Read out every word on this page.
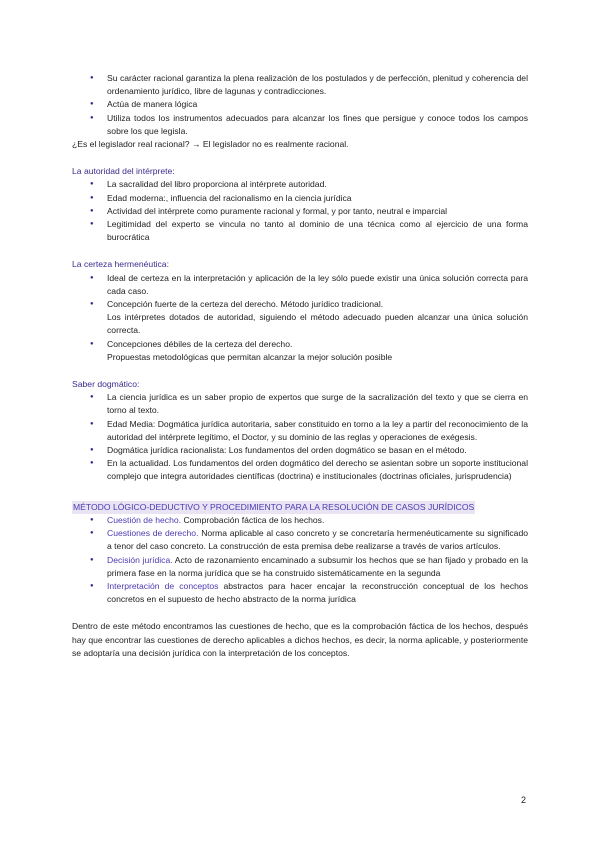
● Su carácter racional garantiza la plena realización de los postulados y de perfección, plenitud y coherencia del ordenamiento jurídico, libre de lagunas y contradicciones.
● Actúa de manera lógica
● Utiliza todos los instrumentos adecuados para alcanzar los fines que persigue y conoce todos los campos sobre los que legisla.

¿Es el legislador real racional? → El legislador no es realmente racional.

La autoridad del intérprete:
● La sacralidad del libro proporciona al intérprete autoridad.
● Edad moderna:, influencia del racionalismo en la ciencia jurídica
● Actividad del intérprete como puramente racional y formal, y por tanto, neutral e imparcial
● Legitimidad del experto se vincula no tanto al dominio de una técnica como al ejercicio de una forma burocrática
La certeza hermenéutica:
● Ideal de certeza en la interpretación y aplicación de la ley sólo puede existir una única solución correcta para cada caso.
● Concepción fuerte de la certeza del derecho. Método jurídico tradicional.
Los intérpretes dotados de autoridad, siguiendo el método adecuado pueden alcanzar una única solución correcta.
● Concepciones débiles de la certeza del derecho.
Propuestas metodológicas que permitan alcanzar la mejor solución posible
Saber dogmático:
● La ciencia jurídica es un saber propio de expertos que surge de la sacralización del texto y que se cierra en torno al texto.
● Edad Media: Dogmática jurídica autoritaria, saber constituido en torno a la ley a partir del reconocimiento de la autoridad del intérprete legítimo, el Doctor, y su dominio de las reglas y operaciones de exégesis.
● Dogmática jurídica racionalista: Los fundamentos del orden dogmático se basan en el método.
● En la actualidad. Los fundamentos del orden dogmático del derecho se asientan sobre un soporte institucional complejo que integra autoridades científicas (doctrina) e institucionales (doctrinas oficiales, jurisprudencia)
MÉTODO LÓGICO-DEDUCTIVO Y PROCEDIMIENTO PARA LA RESOLUCIÓN DE CASOS JURÍDICOS
● Cuestión de hecho. Comprobación fáctica de los hechos.
● Cuestiones de derecho. Norma aplicable al caso concreto y se concretaría hermenéuticamente su significado a tenor del caso concreto. La construcción de esta premisa debe realizarse a través de varios artículos.
● Decisión jurídica. Acto de razonamiento encaminado a subsumir los hechos que se han fijado y probado en la primera fase en la norma jurídica que se ha construido sistemáticamente en la segunda
● Interpretación de conceptos abstractos para hacer encajar la reconstrucción conceptual de los hechos concretos en el supuesto de hecho abstracto de la norma jurídica

Dentro de este método encontramos las cuestiones de hecho, que es la comprobación fáctica de los hechos, después hay que encontrar las cuestiones de derecho aplicables a dichos hechos, es decir, la norma aplicable, y posteriormente se adoptaría una decisión jurídica con la interpretación de los conceptos.

2
